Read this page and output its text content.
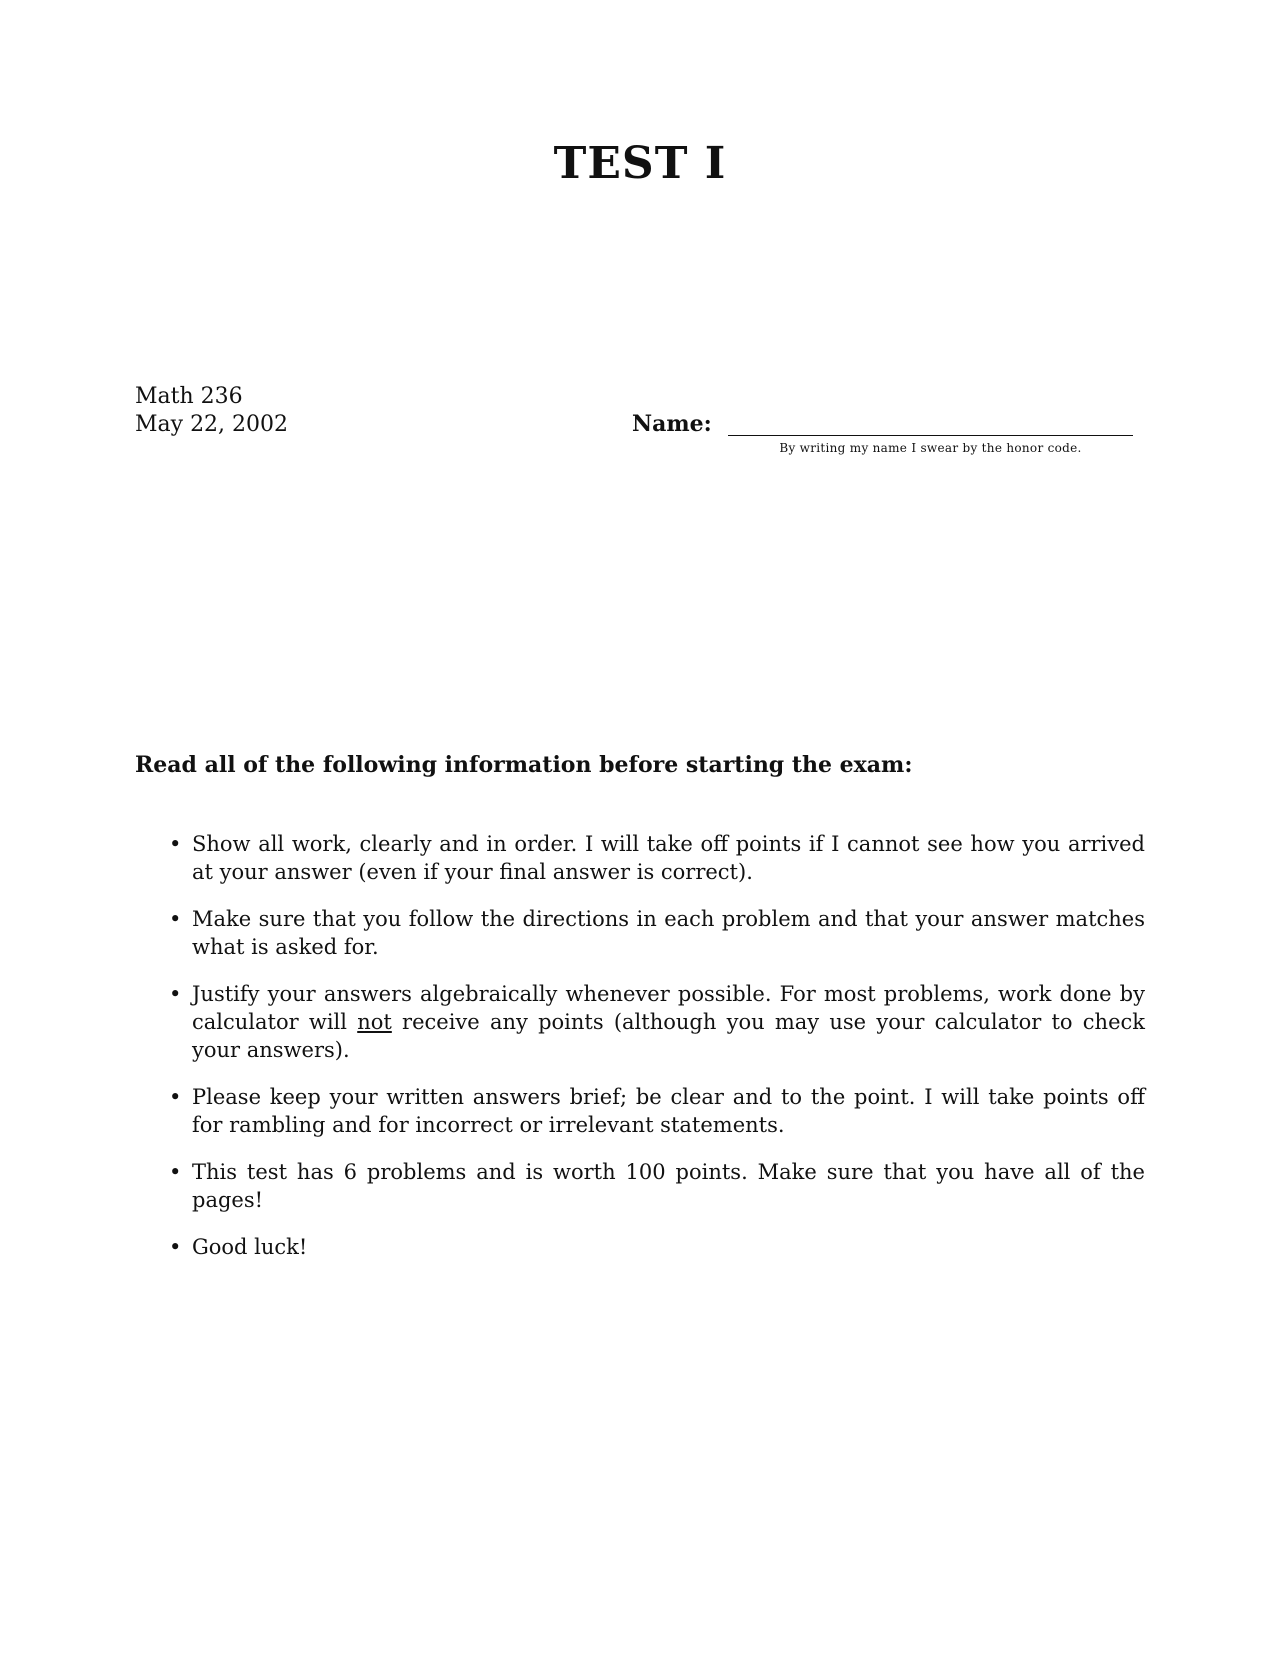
TEST I
Math 236
May 22, 2002	Name:
By writing my name I swear by the honor code.
Read all of the following information before starting the exam:
• Show all work, clearly and in order. I will take off points if I cannot see how you arrived at your answer (even if your final answer is correct).
• Make sure that you follow the directions in each problem and that your answer matches what is asked for.
• Justify your answers algebraically whenever possible. For most problems, work done by calculator will not receive any points (although you may use your calculator to check your answers).
• Please keep your written answers brief; be clear and to the point. I will take points off for rambling and for incorrect or irrelevant statements.
• This test has 6 problems and is worth 100 points. Make sure that you have all of the pages!
• Good luck!
